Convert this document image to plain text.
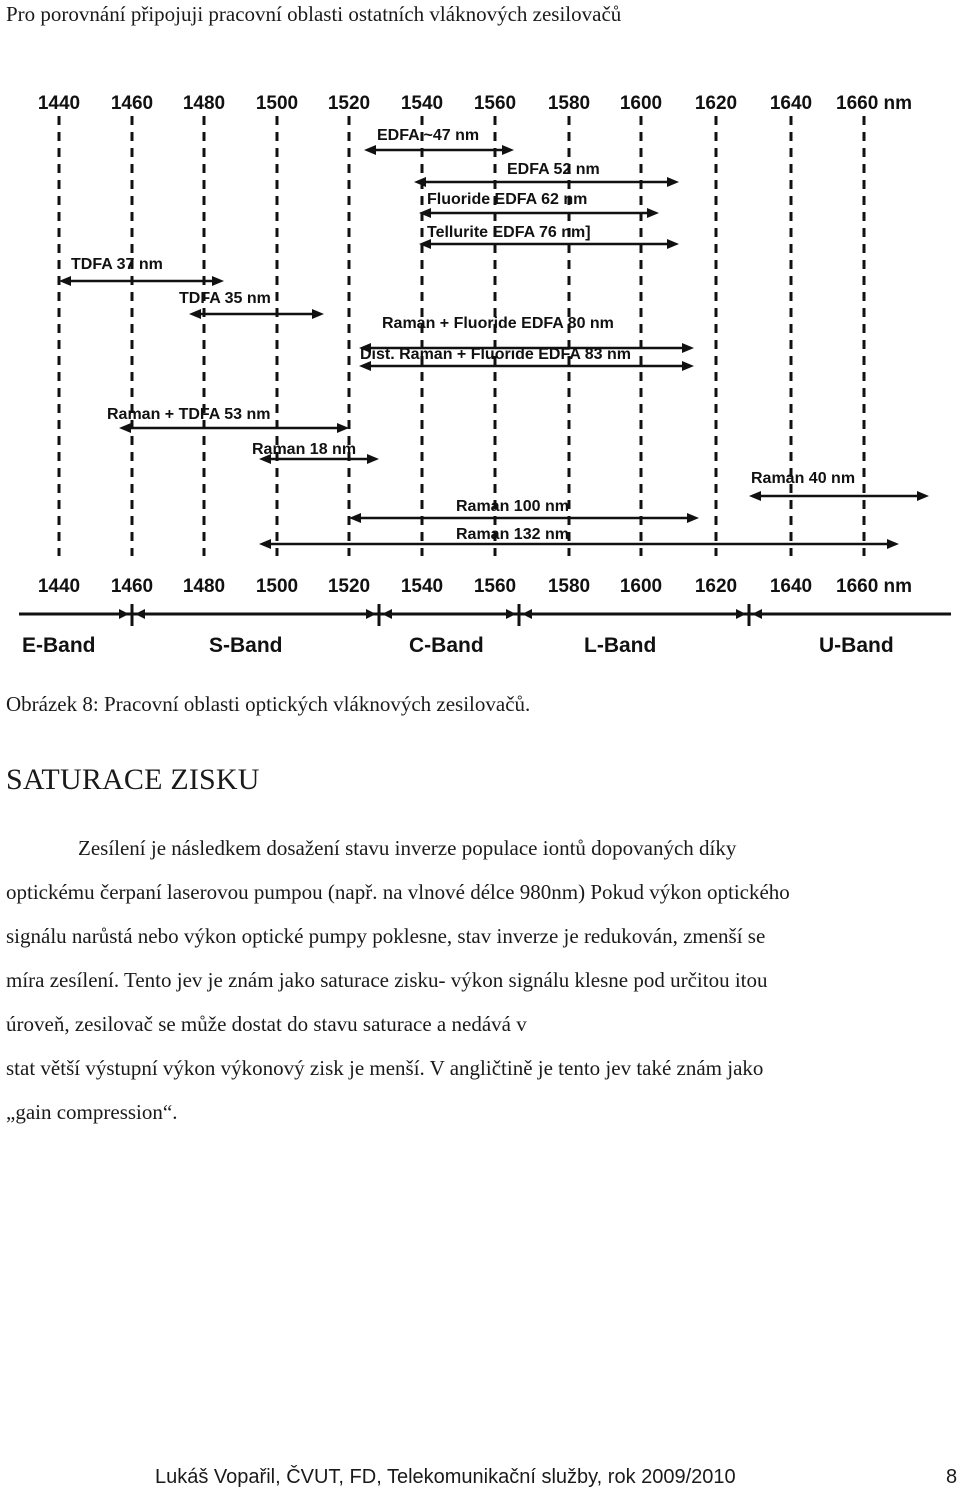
Pro porovnání připojuji pracovní oblasti ostatních vláknových zesilovačů
1440 1460 1480 1500 1520 1540 1560 1580 1600 1620 1640 1660 nm
EDFA ~47 nm
EDFA 52 nm
Fluoride EDFA 62 nm
Tellurite EDFA 76 nm]
TDFA 37 nm
TDFA 35 nm
Raman + Fluoride EDFA 80 nm
Dist. Raman + Fluoride EDFA 83 nm
Raman + TDFA 53 nm
Raman 18 nm
Raman 40 nm
Raman 100 nm
Raman 132 nm
1440 1460 1480 1500 1520 1540 1560 1580 1600 1620 1640 1660 nm
E-Band	S-Band	C-Band	L-Band	U-Band
Obrázek 8: Pracovní oblasti optických vláknových zesilovačů.
SATURACE ZISKU
Zesílení je následkem dosažení stavu inverze populace iontů dopovaných díky
optickému čerpaní laserovou pumpou (např. na vlnové délce 980nm) Pokud výkon optického
signálu narůstá nebo výkon optické pumpy poklesne, stav inverze je redukován, zmenší se
míra zesílení. Tento jev je znám jako saturace zisku- výkon signálu klesne pod určitou itou
úroveň, zesilovač se může dostat do stavu saturace a nedává v
stat větší výstupní výkon výkonový zisk je menší. V angličtině je tento jev také znám jako
„gain compression“.
Lukáš Vopařil, ČVUT, FD, Telekomunikační služby, rok 2009/2010	8
